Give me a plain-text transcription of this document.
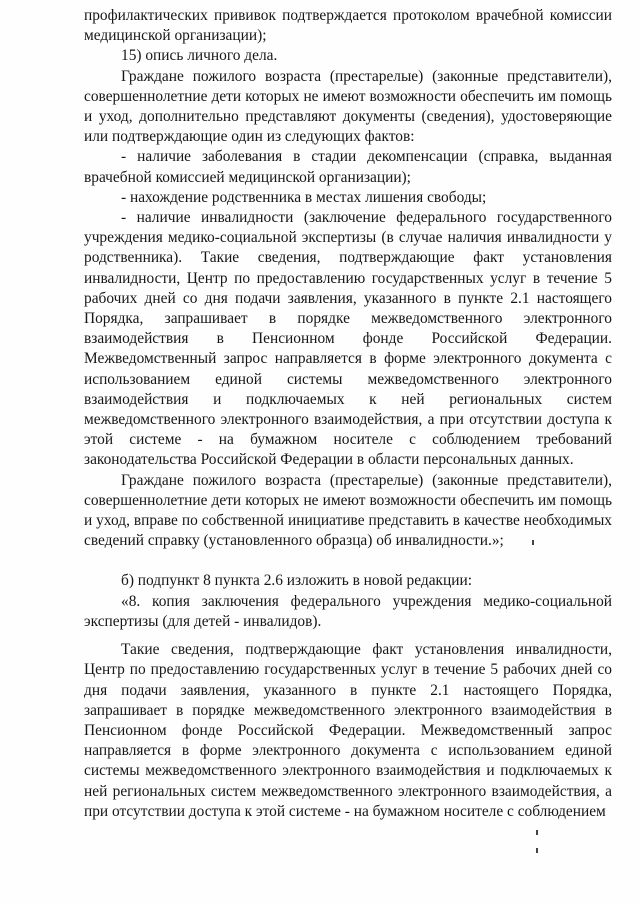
профилактических прививок подтверждается протоколом врачебной комиссии медицинской организации);

15) опись личного дела.

Граждане пожилого возраста (престарелые) (законные представители), совершеннолетние дети которых не имеют возможности обеспечить им помощь и уход, дополнительно представляют документы (сведения), удостоверяющие или подтверждающие один из следующих фактов:

- наличие заболевания в стадии декомпенсации (справка, выданная врачебной комиссией медицинской организации);

- нахождение родственника в местах лишения свободы;

- наличие инвалидности (заключение федерального государственного учреждения медико-социальной экспертизы (в случае наличия инвалидности у родственника). Такие сведения, подтверждающие факт установления инвалидности, Центр по предоставлению государственных услуг в течение 5 рабочих дней со дня подачи заявления, указанного в пункте 2.1 настоящего Порядка, запрашивает в порядке межведомственного электронного взаимодействия в Пенсионном фонде Российской Федерации. Межведомственный запрос направляется в форме электронного документа с использованием единой системы межведомственного электронного взаимодействия и подключаемых к ней региональных систем межведомственного электронного взаимодействия, а при отсутствии доступа к этой системе - на бумажном носителе с соблюдением требований законодательства Российской Федерации в области персональных данных.

Граждане пожилого возраста (престарелые) (законные представители), совершеннолетние дети которых не имеют возможности обеспечить им помощь и уход, вправе по собственной инициативе представить в качестве необходимых сведений справку (установленного образца) об инвалидности.»;

б) подпункт 8 пункта 2.6 изложить в новой редакции:

«8. копия заключения федерального учреждения медико-социальной экспертизы (для детей - инвалидов).

Такие сведения, подтверждающие факт установления инвалидности, Центр по предоставлению государственных услуг в течение 5 рабочих дней со дня подачи заявления, указанного в пункте 2.1 настоящего Порядка, запрашивает в порядке межведомственного электронного взаимодействия в Пенсионном фонде Российской Федерации. Межведомственный запрос направляется в форме электронного документа с использованием единой системы межведомственного электронного взаимодействия и подключаемых к ней региональных систем межведомственного электронного взаимодействия, а при отсутствии доступа к этой системе - на бумажном носителе с соблюдением
